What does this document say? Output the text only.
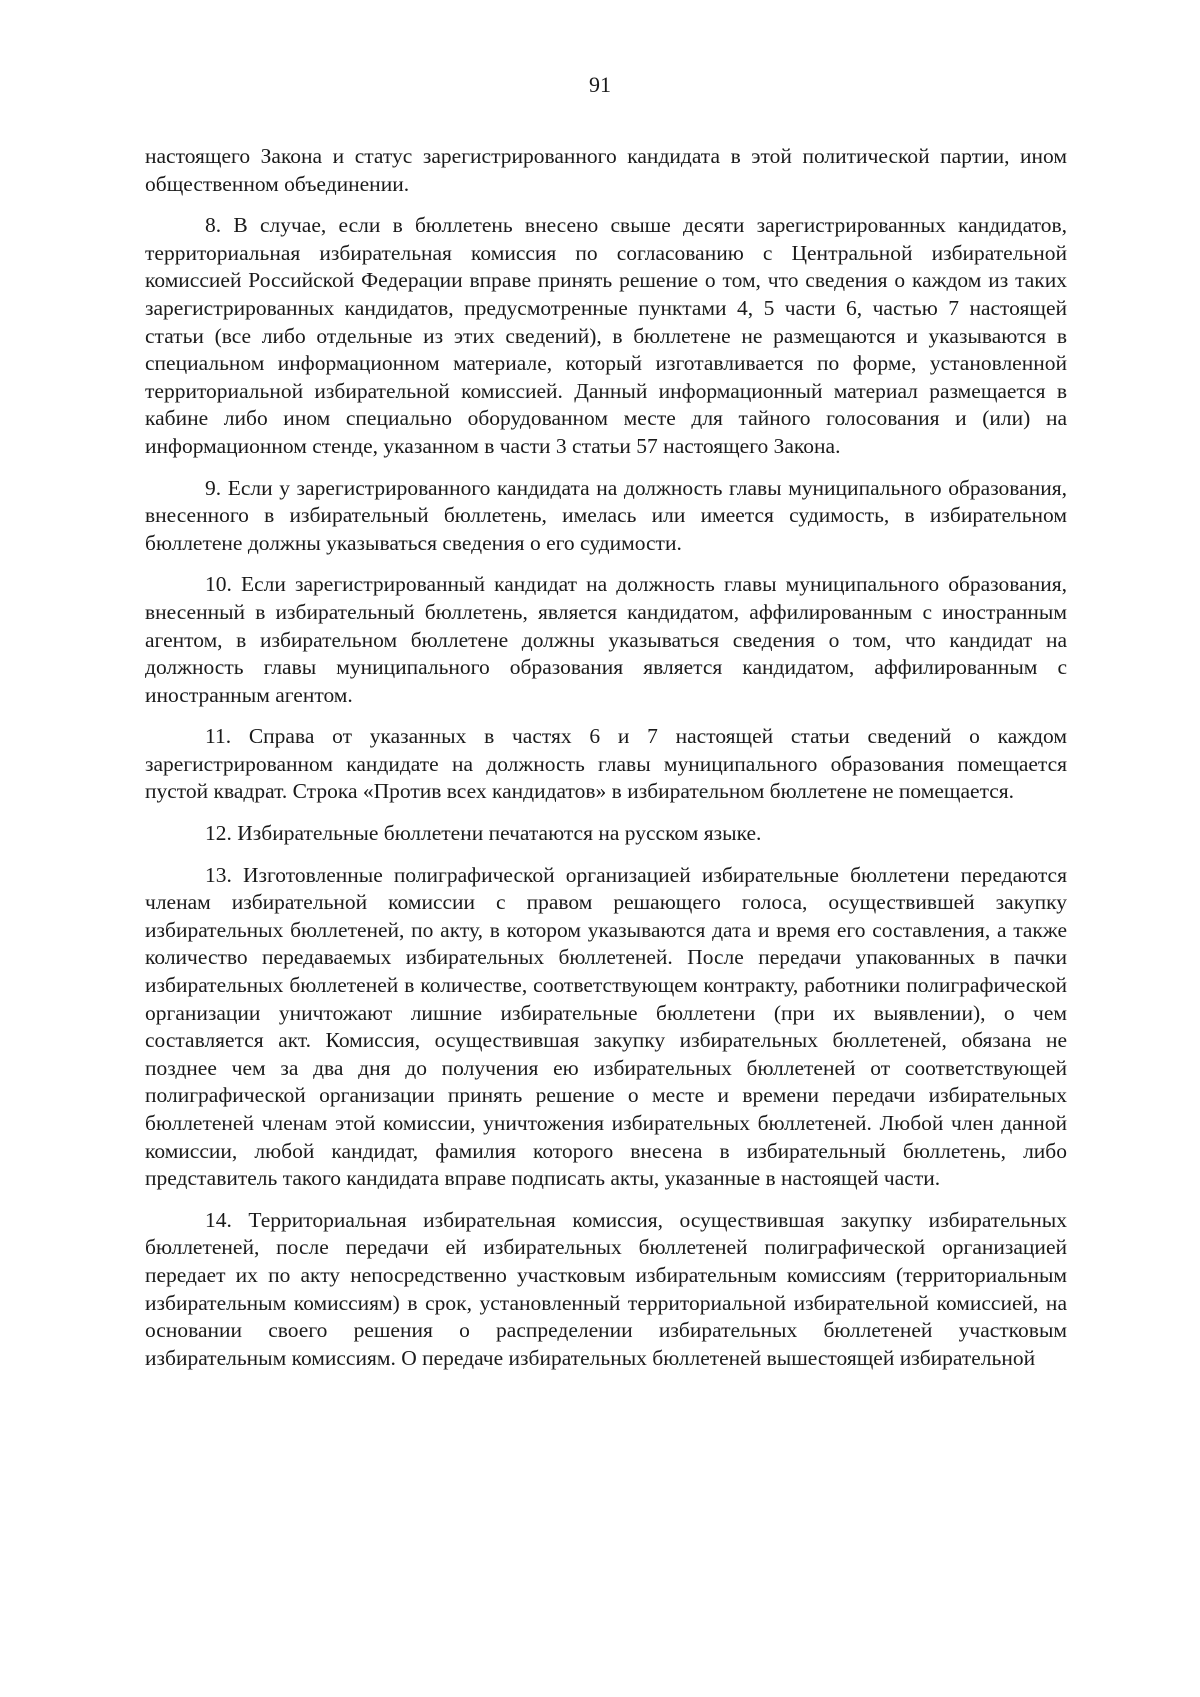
91

настоящего Закона и статус зарегистрированного кандидата в этой политической партии, ином общественном объединении.

8. В случае, если в бюллетень внесено свыше десяти зарегистрированных кандидатов, территориальная избирательная комиссия по согласованию с Центральной избирательной комиссией Российской Федерации вправе принять решение о том, что сведения о каждом из таких зарегистрированных кандидатов, предусмотренные пунктами 4, 5 части 6, частью 7 настоящей статьи (все либо отдельные из этих сведений), в бюллетене не размещаются и указываются в специальном информационном материале, который изготавливается по форме, установленной территориальной избирательной комиссией. Данный информационный материал размещается в кабине либо ином специально оборудованном месте для тайного голосования и (или) на информационном стенде, указанном в части 3 статьи 57 настоящего Закона.

9. Если у зарегистрированного кандидата на должность главы муниципального образования, внесенного в избирательный бюллетень, имелась или имеется судимость, в избирательном бюллетене должны указываться сведения о его судимости.

10. Если зарегистрированный кандидат на должность главы муниципального образования, внесенный в избирательный бюллетень, является кандидатом, аффилированным с иностранным агентом, в избирательном бюллетене должны указываться сведения о том, что кандидат на должность главы муниципального образования является кандидатом, аффилированным с иностранным агентом.

11. Справа от указанных в частях 6 и 7 настоящей статьи сведений о каждом зарегистрированном кандидате на должность главы муниципального образования помещается пустой квадрат. Строка «Против всех кандидатов» в избирательном бюллетене не помещается.

12. Избирательные бюллетени печатаются на русском языке.

13. Изготовленные полиграфической организацией избирательные бюллетени передаются членам избирательной комиссии с правом решающего голоса, осуществившей закупку избирательных бюллетеней, по акту, в котором указываются дата и время его составления, а также количество передаваемых избирательных бюллетеней. После передачи упакованных в пачки избирательных бюллетеней в количестве, соответствующем контракту, работники полиграфической организации уничтожают лишние избирательные бюллетени (при их выявлении), о чем составляется акт. Комиссия, осуществившая закупку избирательных бюллетеней, обязана не позднее чем за два дня до получения ею избирательных бюллетеней от соответствующей полиграфической организации принять решение о месте и времени передачи избирательных бюллетеней членам этой комиссии, уничтожения избирательных бюллетеней. Любой член данной комиссии, любой кандидат, фамилия которого внесена в избирательный бюллетень, либо представитель такого кандидата вправе подписать акты, указанные в настоящей части.

14. Территориальная избирательная комиссия, осуществившая закупку избирательных бюллетеней, после передачи ей избирательных бюллетеней полиграфической организацией передает их по акту непосредственно участковым избирательным комиссиям (территориальным избирательным комиссиям) в срок, установленный территориальной избирательной комиссией, на основании своего решения о распределении избирательных бюллетеней участковым избирательным комиссиям. О передаче избирательных бюллетеней вышестоящей избирательной
